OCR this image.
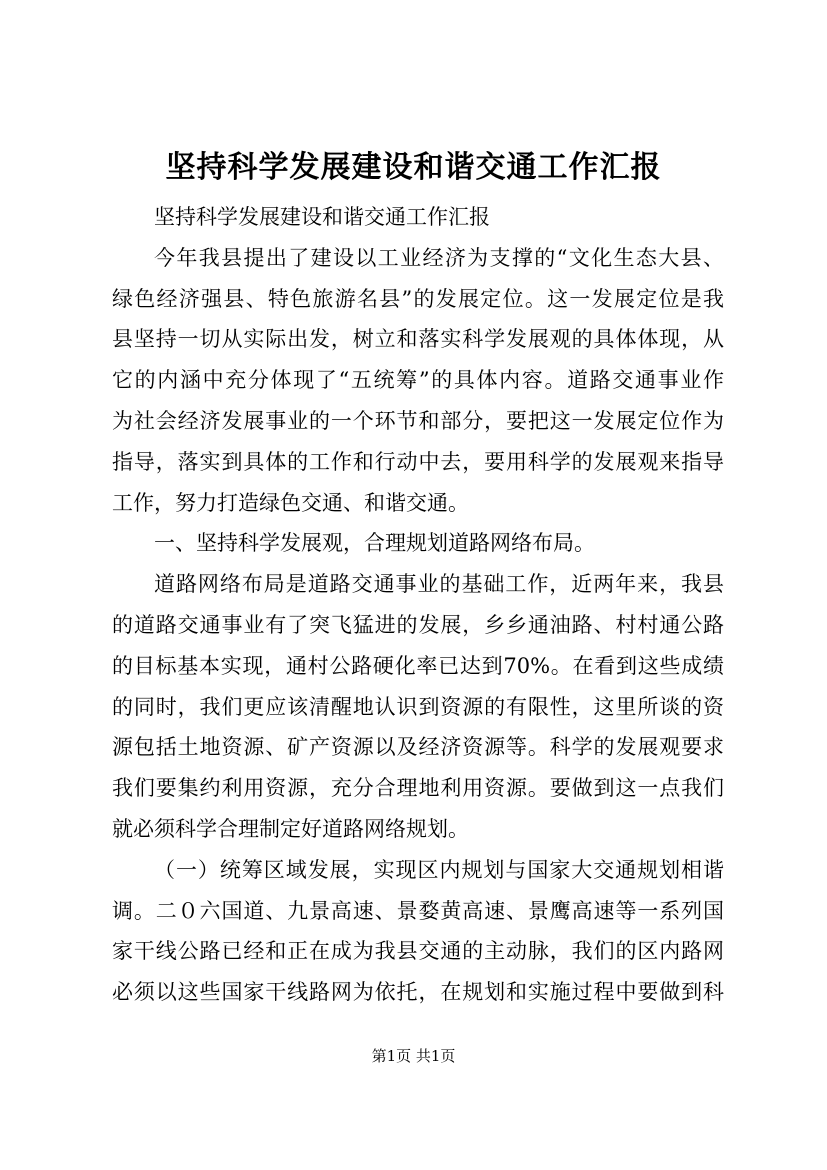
坚持科学发展建设和谐交通工作汇报
坚持科学发展建设和谐交通工作汇报
今年我县提出了建设以工业经济为支撑的“文化生态大县、
绿色经济强县、特色旅游名县”的发展定位。这一发展定位是我
县坚持一切从实际出发，树立和落实科学发展观的具体体现，从
它的内涵中充分体现了“五统筹”的具体内容。道路交通事业作
为社会经济发展事业的一个环节和部分，要把这一发展定位作为
指导，落实到具体的工作和行动中去，要用科学的发展观来指导
工作，努力打造绿色交通、和谐交通。
一、坚持科学发展观，合理规划道路网络布局。
道路网络布局是道路交通事业的基础工作，近两年来，我县
的道路交通事业有了突飞猛进的发展，乡乡通油路、村村通公路
的目标基本实现，通村公路硬化率已达到70%。在看到这些成绩
的同时，我们更应该清醒地认识到资源的有限性，这里所谈的资
源包括土地资源、矿产资源以及经济资源等。科学的发展观要求
我们要集约利用资源，充分合理地利用资源。要做到这一点我们
就必须科学合理制定好道路网络规划。
（一）统筹区域发展，实现区内规划与国家大交通规划相谐
调。二０六国道、九景高速、景婺黄高速、景鹰高速等一系列国
家干线公路已经和正在成为我县交通的主动脉，我们的区内路网
必须以这些国家干线路网为依托，在规划和实施过程中要做到科
第1页 共1页
